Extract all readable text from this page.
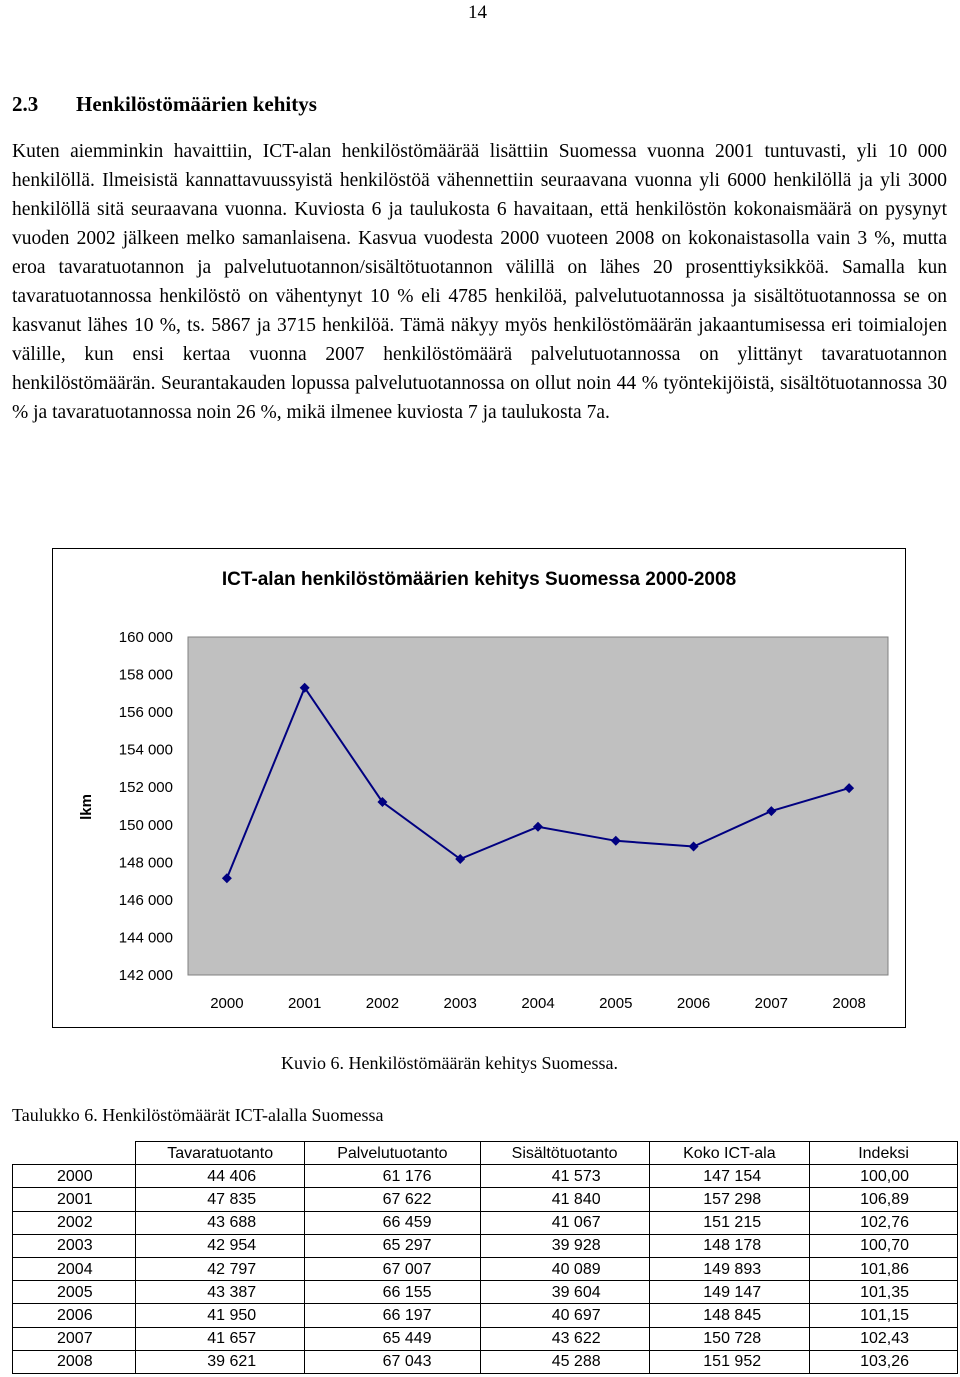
14
2.3 Henkilöstömäärien kehitys

Kuten aiemminkin havaittiin, ICT-alan henkilöstömäärää lisättiin Suomessa vuonna 2001 tuntuvasti, yli 10 000 henkilöllä. Ilmeisistä kannattavuussyistä henkilöstöä vähennettiin seuraavana vuonna yli 6000 henkilöllä ja yli 3000 henkilöllä sitä seuraavana vuonna. Kuviosta 6 ja taulukosta 6 havaitaan, että henkilöstön kokonaismäärä on pysynyt vuoden 2002 jälkeen melko samanlaisena. Kasvua vuodesta 2000 vuoteen 2008 on kokonaistasolla vain 3 %, mutta eroa tavaratuotannon ja palvelutuotannon/sisältötuotannon välillä on lähes 20 prosenttiyksikköä. Samalla kun tavaratuotannossa henkilöstö on vähentynyt 10 % eli 4785 henkilöä, palvelutuotannossa ja sisältötuotannossa se on kasvanut lähes 10 %, ts. 5867 ja 3715 henkilöä. Tämä näkyy myös henkilöstömäärän jakaantumisessa eri toimialojen välille, kun ensi kertaa vuonna 2007 henkilöstömäärä palvelutuotannossa on ylittänyt tavaratuotannon henkilöstömäärän. Seurantakauden lopussa palvelutuotannossa on ollut noin 44 % työntekijöistä, sisältötuotannossa 30 % ja tavaratuotannossa noin 26 %, mikä ilmenee kuviosta 7 ja taulukosta 7a.

ICT-alan henkilöstömäärien kehitys Suomessa 2000-2008
lkm
142 000
144 000
146 000
148 000
150 000
152 000
154 000
156 000
158 000
160 000
2000	2001	2002	2003	2004	2005	2006	2007	2008

Kuvio 6. Henkilöstömäärän kehitys Suomessa.

Taulukko 6. Henkilöstömäärät ICT-alalla Suomessa

	Tavaratuotanto	Palvelutuotanto	Sisältötuotanto	Koko ICT-ala	Indeksi
2000	44 406	61 176	41 573	147 154	100,00
2001	47 835	67 622	41 840	157 298	106,89
2002	43 688	66 459	41 067	151 215	102,76
2003	42 954	65 297	39 928	148 178	100,70
2004	42 797	67 007	40 089	149 893	101,86
2005	43 387	66 155	39 604	149 147	101,35
2006	41 950	66 197	40 697	148 845	101,15
2007	41 657	65 449	43 622	150 728	102,43
2008	39 621	67 043	45 288	151 952	103,26
